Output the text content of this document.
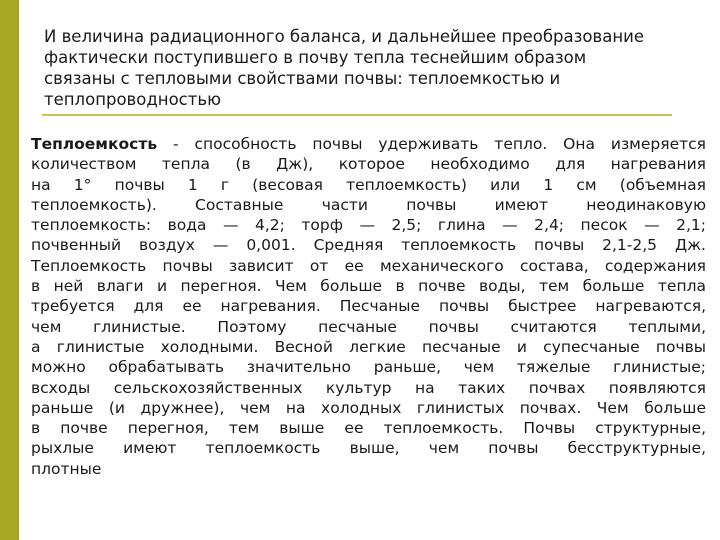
И величина радиационного баланса, и дальнейшее преобразование
фактически поступившего в почву тепла теснейшим образом
связаны с тепловыми свойствами почвы: теплоемкостью и
теплопроводностью
Теплоемкость - способность почвы удерживать тепло. Она измеряется
количеством тепла (в Дж), которое необходимо для нагревания
на 1° почвы 1 г (весовая теплоемкость) или 1 см (объемная
теплоемкость). Составные части почвы имеют неодинаковую
теплоемкость: вода — 4,2; торф — 2,5; глина — 2,4; песок — 2,1;
почвенный воздух — 0,001. Средняя теплоемкость почвы 2,1-2,5 Дж.
Теплоемкость почвы зависит от ее механического состава, содержания
в ней влаги и перегноя. Чем больше в почве воды, тем больше тепла
требуется для ее нагревания. Песчаные почвы быстрее нагреваются,
чем глинистые. Поэтому песчаные почвы считаются теплыми,
а глинистые холодными. Весной легкие песчаные и супесчаные почвы
можно обрабатывать значительно раньше, чем тяжелые глинистые;
всходы сельскохозяйственных культур на таких почвах появляются
раньше (и дружнее), чем на холодных глинистых почвах. Чем больше
в почве перегноя, тем выше ее теплоемкость. Почвы структурные,
рыхлые имеют теплоемкость выше, чем почвы бесструктурные,
плотные
